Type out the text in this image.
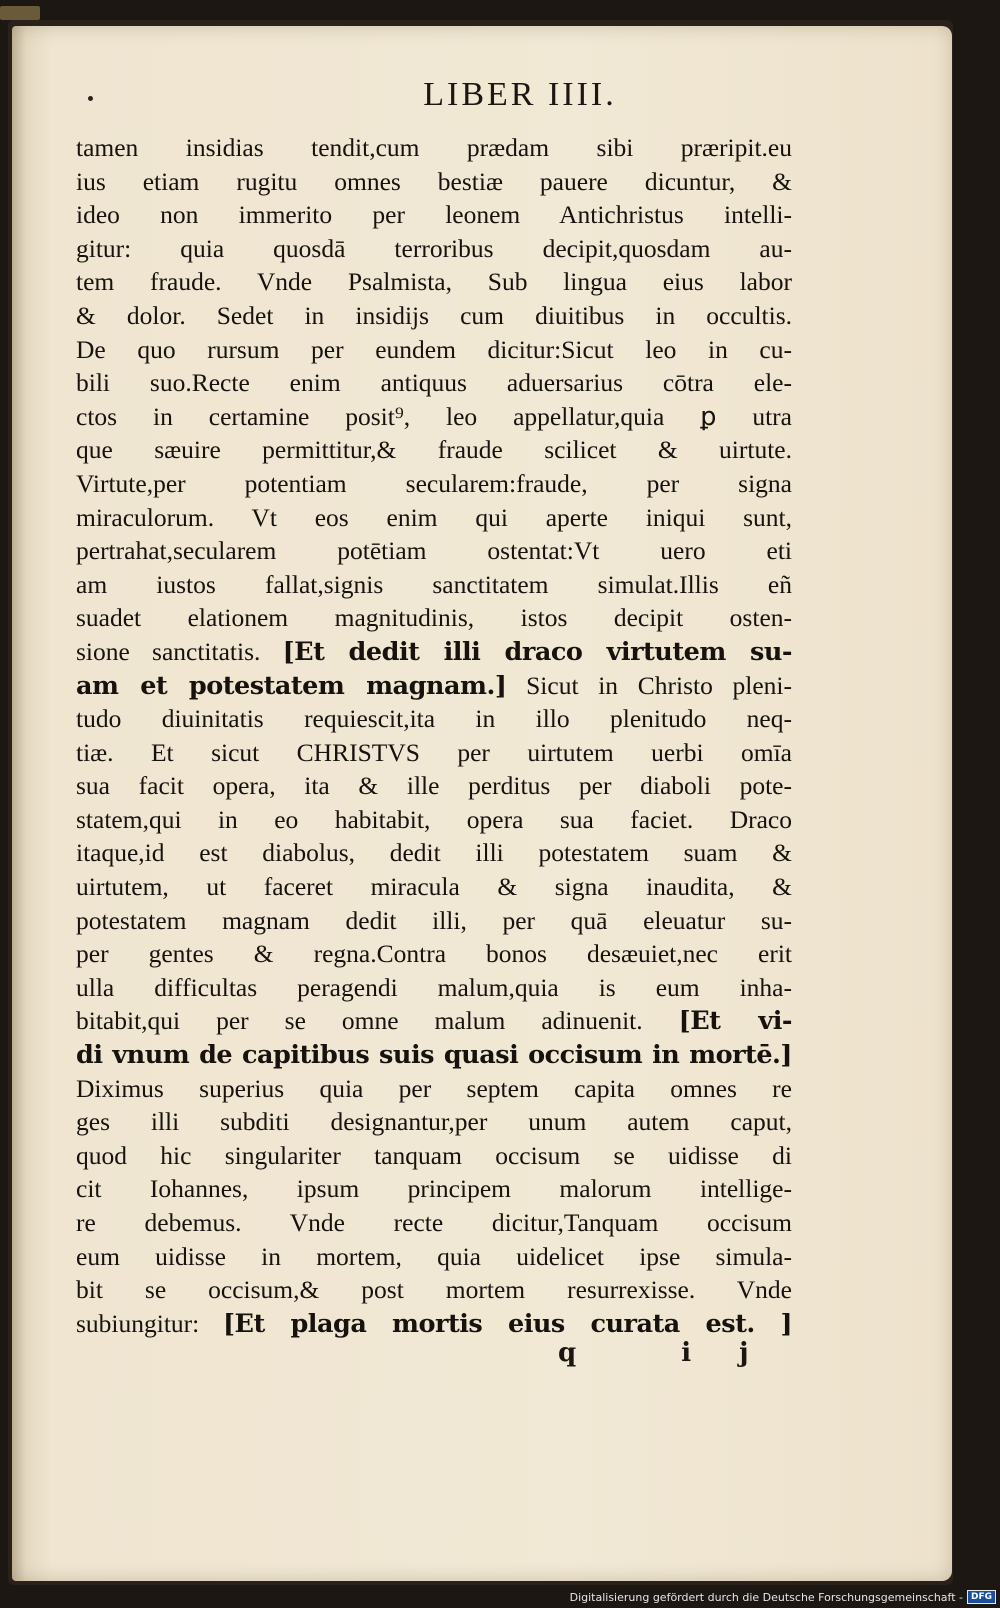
LIBER IIII.
tamen insidias tendit,cum prædam sibi præripit.eu
ius etiam rugitu omnes bestiæ pauere dicuntur, &
ideo non immerito per leonem Antichristus intelli-
gitur: quia quosdā terroribus decipit,quosdam au-
tem fraude. Vnde Psalmista, Sub lingua eius labor
& dolor. Sedet in insidijs cum diuitibus in occultis.
De quo rursum per eundem dicitur:Sicut leo in cu-
bili suo.Recte enim antiquus aduersarius cōtra ele-
ctos in certamine posit⁹, leo appellatur,quia ꝑ utra
que sæuire permittitur,& fraude scilicet & uirtute.
Virtute,per potentiam secularem:fraude, per signa
miraculorum. Vt eos enim qui aperte iniqui sunt,
pertrahat,secularem potētiam ostentat:Vt uero eti
am iustos fallat,signis sanctitatem simulat.Illis eñ
suadet elationem magnitudinis, istos decipit osten-
sione sanctitatis. [Et dedit illi draco virtutem su-
am et potestatem magnam.] Sicut in Christo pleni-
tudo diuinitatis requiescit,ita in illo plenitudo neq-
tiæ. Et sicut CHRISTVS per uirtutem uerbi omīa
sua facit opera, ita & ille perditus per diaboli pote-
statem,qui in eo habitabit, opera sua faciet. Draco
itaque,id est diabolus, dedit illi potestatem suam &
uirtutem, ut faceret miracula & signa inaudita, &
potestatem magnam dedit illi, per quā eleuatur su-
per gentes & regna.Contra bonos desæuiet,nec erit
ulla difficultas peragendi malum,quia is eum inha-
bitabit,qui per se omne malum adinuenit. [Et vi-
di vnum de capitibus suis quasi occisum in mortē.]
Diximus superius quia per septem capita omnes re
ges illi subditi designantur,per unum autem caput,
quod hic singulariter tanquam occisum se uidisse di
cit Iohannes, ipsum principem malorum intellige-
re debemus. Vnde recte dicitur,Tanquam occisum
eum uidisse in mortem, quia uidelicet ipse simula-
bit se occisum,& post mortem resurrexisse. Vnde
subiungitur: [Et plaga mortis eius curata est. ]
q ij
Digitalisierung gefördert durch die Deutsche Forschungsgemeinschaft - DFG
